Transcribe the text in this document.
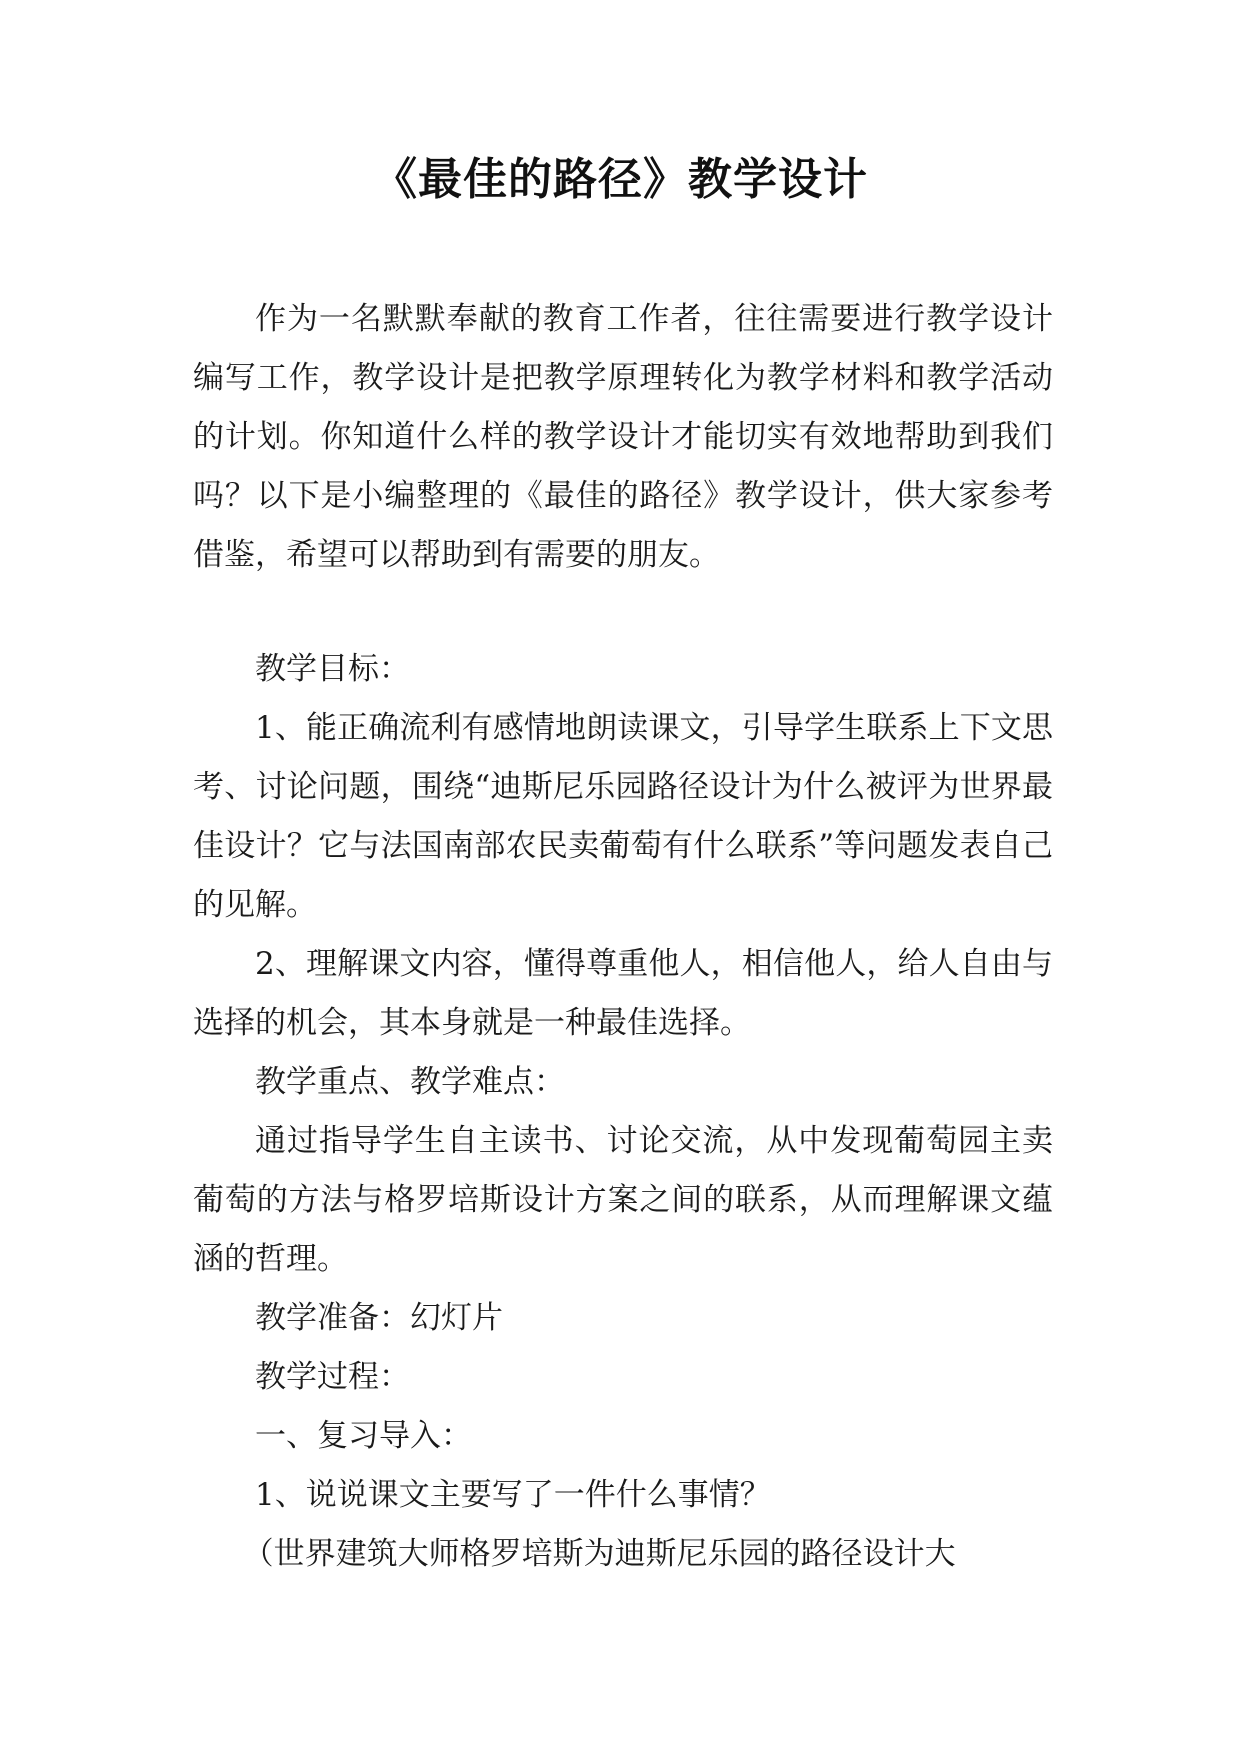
《最佳的路径》教学设计

作为一名默默奉献的教育工作者，往往需要进行教学设计编写工作，教学设计是把教学原理转化为教学材料和教学活动的计划。你知道什么样的教学设计才能切实有效地帮助到我们吗？以下是小编整理的《最佳的路径》教学设计，供大家参考借鉴，希望可以帮助到有需要的朋友。

教学目标：

1、能正确流利有感情地朗读课文，引导学生联系上下文思考、讨论问题，围绕“迪斯尼乐园路径设计为什么被评为世界最佳设计？它与法国南部农民卖葡萄有什么联系”等问题发表自己的见解。

2、理解课文内容，懂得尊重他人，相信他人，给人自由与选择的机会，其本身就是一种最佳选择。

教学重点、教学难点：

通过指导学生自主读书、讨论交流，从中发现葡萄园主卖葡萄的方法与格罗培斯设计方案之间的联系，从而理解课文蕴涵的哲理。

教学准备：幻灯片

教学过程：

一、复习导入：

1、说说课文主要写了一件什么事情？

（世界建筑大师格罗培斯为迪斯尼乐园的路径设计大
